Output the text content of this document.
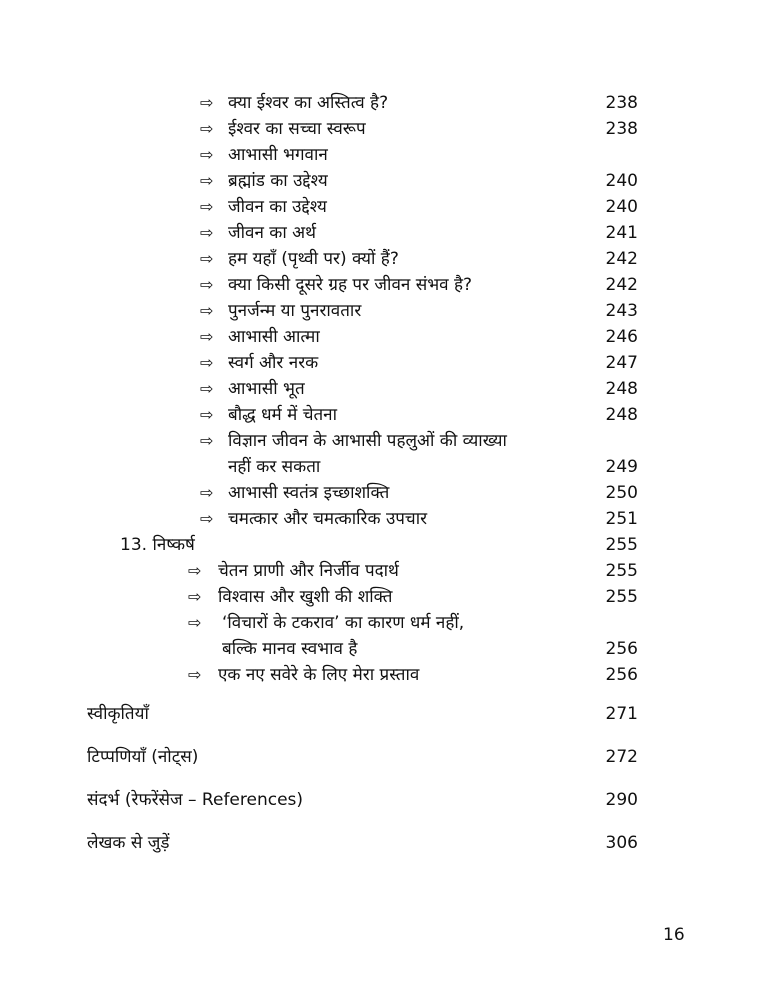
⇨ क्या ईश्वर का अस्तित्व है?	238
⇨ ईश्वर का सच्चा स्वरूप	238
⇨ आभासी भगवान
⇨ ब्रह्मांड का उद्देश्य	240
⇨ जीवन का उद्देश्य	240
⇨ जीवन का अर्थ	241
⇨ हम यहाँ (पृथ्वी पर) क्यों हैं?	242
⇨ क्या किसी दूसरे ग्रह पर जीवन संभव है?	242
⇨ पुनर्जन्म या पुनरावतार	243
⇨ आभासी आत्मा	246
⇨ स्वर्ग और नरक	247
⇨ आभासी भूत	248
⇨ बौद्ध धर्म में चेतना	248
⇨ विज्ञान जीवन के आभासी पहलुओं की व्याख्या
नहीं कर सकता	249
⇨ आभासी स्वतंत्र इच्छाशक्ति	250
⇨ चमत्कार और चमत्कारिक उपचार	251
13. निष्कर्ष	255
⇨ चेतन प्राणी और निर्जीव पदार्थ	255
⇨ विश्वास और खुशी की शक्ति	255
⇨ ‘विचारों के टकराव’ का कारण धर्म नहीं,
बल्कि मानव स्वभाव है	256
⇨ एक नए सवेरे के लिए मेरा प्रस्ताव	256
स्वीकृतियाँ	271
टिप्पणियाँ (नोट्स)	272
संदर्भ (रेफरेंसेज – References)	290
लेखक से जुड़ें	306
16
